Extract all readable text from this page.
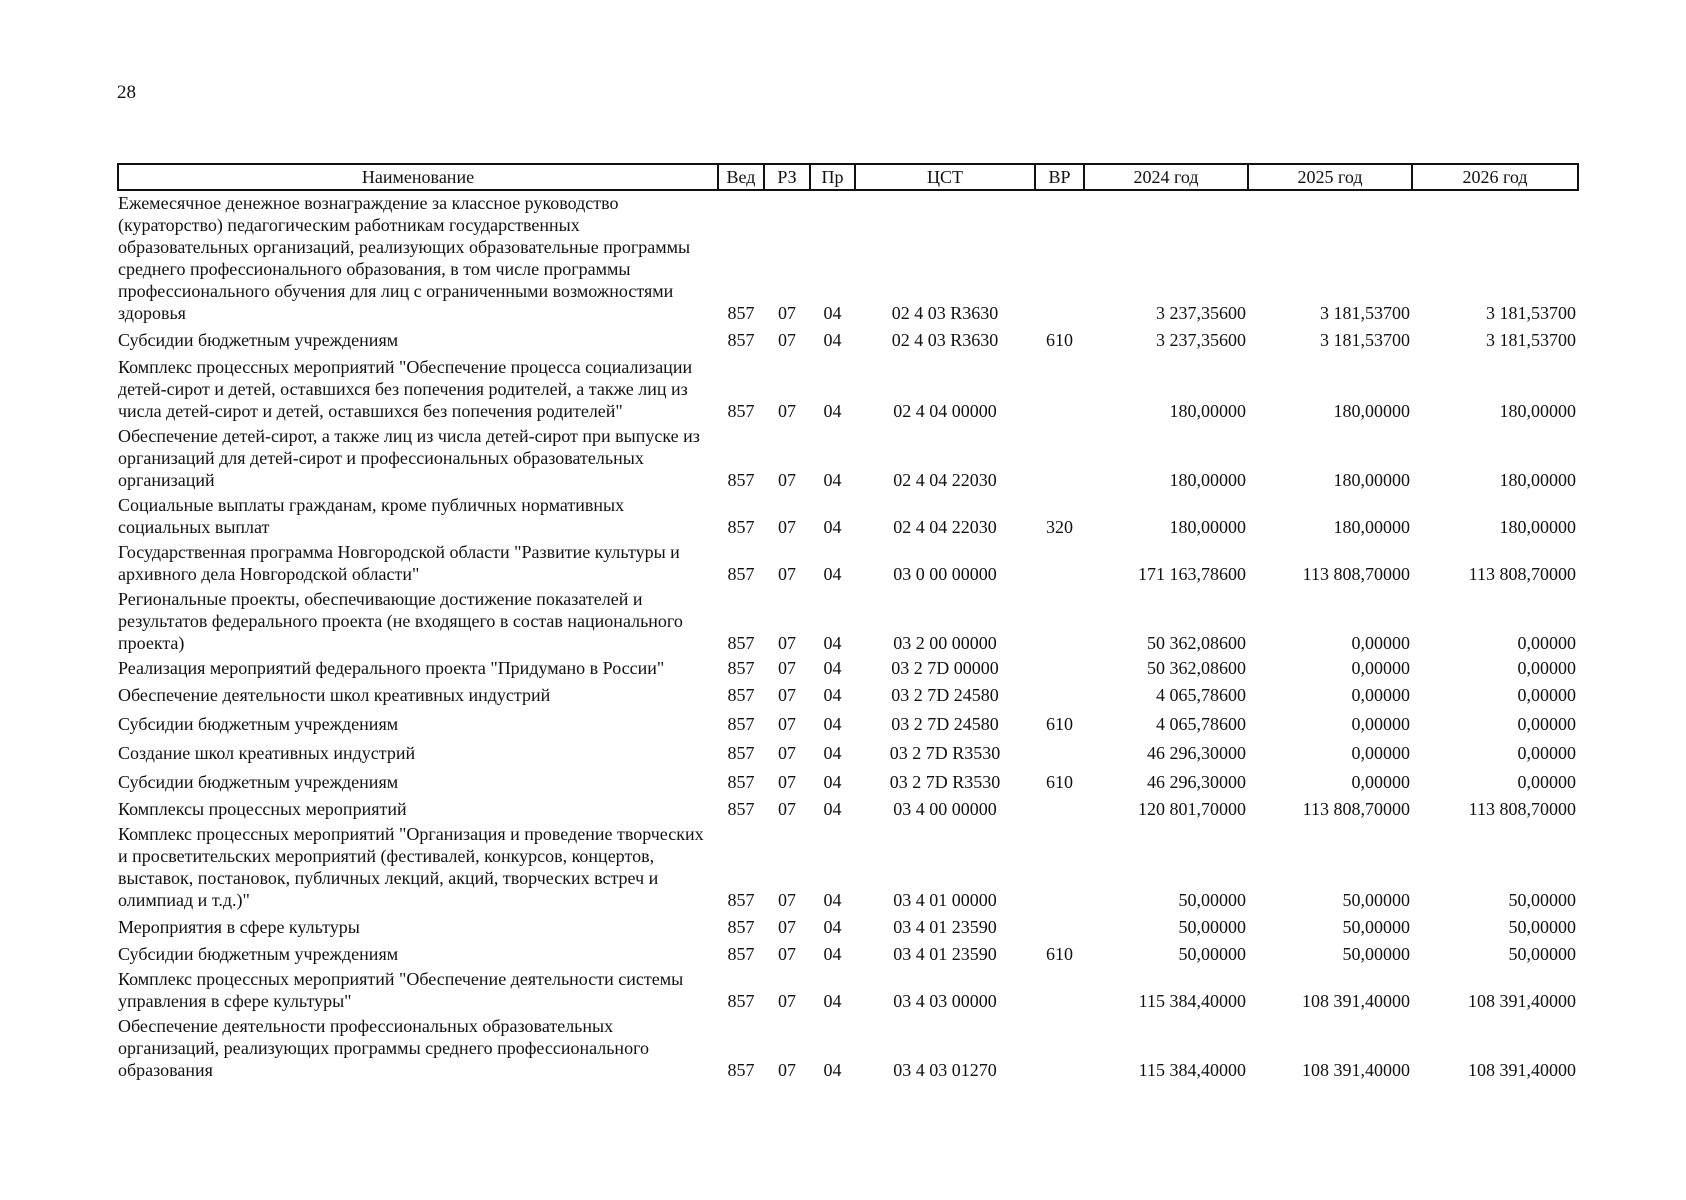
28
Наименование	Вед	РЗ	Пр	ЦСТ	ВР	2024 год	2025 год	2026 год
Ежемесячное денежное вознаграждение за классное руководство (кураторство) педагогическим работникам государственных образовательных организаций, реализующих образовательные программы среднего профессионального образования, в том числе программы профессионального обучения для лиц с ограниченными возможностями здоровья	857	07	04	02 4 03 R3630		3 237,35600	3 181,53700	3 181,53700
Субсидии бюджетным учреждениям	857	07	04	02 4 03 R3630	610	3 237,35600	3 181,53700	3 181,53700
Комплекс процессных мероприятий "Обеспечение процесса социализации детей-сирот и детей, оставшихся без попечения родителей, а также лиц из числа детей-сирот и детей, оставшихся без попечения родителей"	857	07	04	02 4 04 00000		180,00000	180,00000	180,00000
Обеспечение детей-сирот, а также лиц из числа детей-сирот при выпуске из организаций для детей-сирот и профессиональных образовательных организаций	857	07	04	02 4 04 22030		180,00000	180,00000	180,00000
Социальные выплаты гражданам, кроме публичных нормативных социальных выплат	857	07	04	02 4 04 22030	320	180,00000	180,00000	180,00000
Государственная программа Новгородской области "Развитие культуры и архивного дела Новгородской области"	857	07	04	03 0 00 00000		171 163,78600	113 808,70000	113 808,70000
Региональные проекты, обеспечивающие достижение показателей и результатов федерального проекта (не входящего в состав национального проекта)	857	07	04	03 2 00 00000		50 362,08600	0,00000	0,00000
Реализация мероприятий федерального проекта "Придумано в России"	857	07	04	03 2 7D 00000		50 362,08600	0,00000	0,00000
Обеспечение деятельности школ креативных индустрий	857	07	04	03 2 7D 24580		4 065,78600	0,00000	0,00000
Субсидии бюджетным учреждениям	857	07	04	03 2 7D 24580	610	4 065,78600	0,00000	0,00000
Создание школ креативных индустрий	857	07	04	03 2 7D R3530		46 296,30000	0,00000	0,00000
Субсидии бюджетным учреждениям	857	07	04	03 2 7D R3530	610	46 296,30000	0,00000	0,00000
Комплексы процессных мероприятий	857	07	04	03 4 00 00000		120 801,70000	113 808,70000	113 808,70000
Комплекс процессных мероприятий "Организация и проведение творческих и просветительских мероприятий (фестивалей, конкурсов, концертов, выставок, постановок, публичных лекций, акций, творческих встреч и олимпиад и т.д.)"	857	07	04	03 4 01 00000		50,00000	50,00000	50,00000
Мероприятия в сфере культуры	857	07	04	03 4 01 23590		50,00000	50,00000	50,00000
Субсидии бюджетным учреждениям	857	07	04	03 4 01 23590	610	50,00000	50,00000	50,00000
Комплекс процессных мероприятий "Обеспечение деятельности системы управления в сфере культуры"	857	07	04	03 4 03 00000		115 384,40000	108 391,40000	108 391,40000
Обеспечение деятельности профессиональных образовательных организаций, реализующих программы среднего профессионального образования	857	07	04	03 4 03 01270		115 384,40000	108 391,40000	108 391,40000
